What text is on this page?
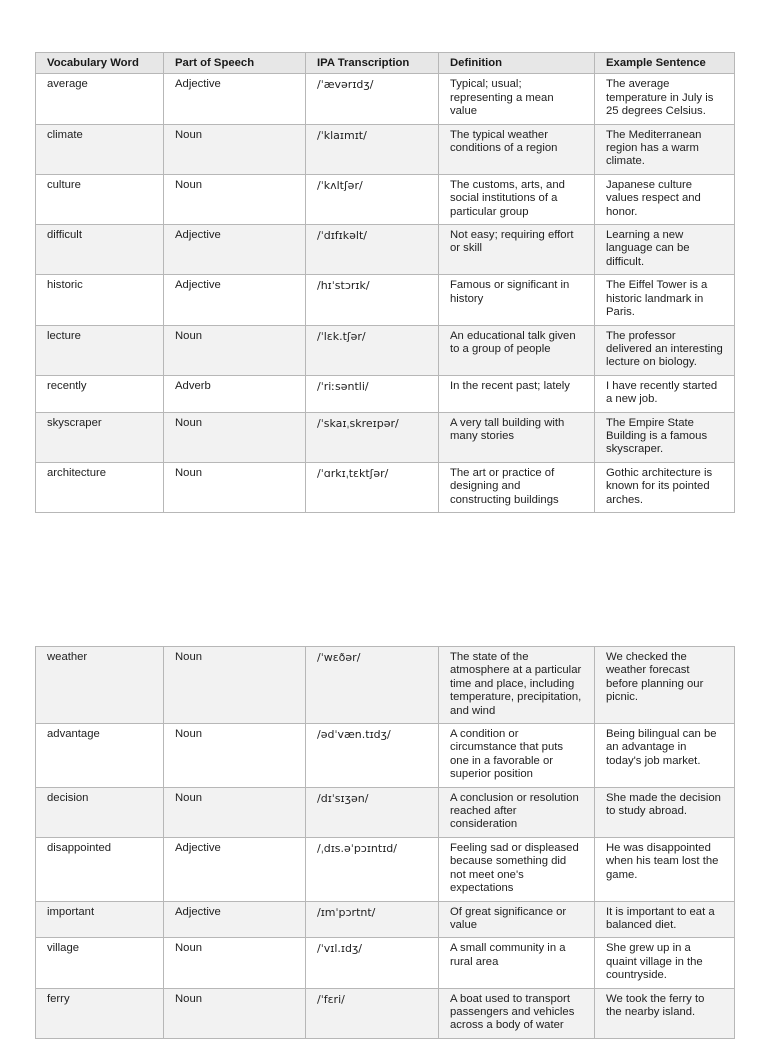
Vocabulary Word	Part of Speech	IPA Transcription	Definition	Example Sentence
average	Adjective	/ˈævərɪdʒ/	Typical; usual; representing a mean value	The average temperature in July is 25 degrees Celsius.
climate	Noun	/ˈklaɪmɪt/	The typical weather conditions of a region	The Mediterranean region has a warm climate.
culture	Noun	/ˈkʌltʃər/	The customs, arts, and social institutions of a particular group	Japanese culture values respect and honor.
difficult	Adjective	/ˈdɪfɪkəlt/	Not easy; requiring effort or skill	Learning a new language can be difficult.
historic	Adjective	/hɪˈstɔrɪk/	Famous or significant in history	The Eiffel Tower is a historic landmark in Paris.
lecture	Noun	/ˈlɛk.tʃər/	An educational talk given to a group of people	The professor delivered an interesting lecture on biology.
recently	Adverb	/ˈriːsəntli/	In the recent past; lately	I have recently started a new job.
skyscraper	Noun	/ˈskaɪˌskreɪpər/	A very tall building with many stories	The Empire State Building is a famous skyscraper.
architecture	Noun	/ˈɑrkɪˌtɛktʃər/	The art or practice of designing and constructing buildings	Gothic architecture is known for its pointed arches.
weather	Noun	/ˈwɛðər/	The state of the atmosphere at a particular time and place, including temperature, precipitation, and wind	We checked the weather forecast before planning our picnic.
advantage	Noun	/ədˈvæn.tɪdʒ/	A condition or circumstance that puts one in a favorable or superior position	Being bilingual can be an advantage in today's job market.
decision	Noun	/dɪˈsɪʒən/	A conclusion or resolution reached after consideration	She made the decision to study abroad.
disappointed	Adjective	/ˌdɪs.əˈpɔɪntɪd/	Feeling sad or displeased because something did not meet one's expectations	He was disappointed when his team lost the game.
important	Adjective	/ɪmˈpɔrtnt/	Of great significance or value	It is important to eat a balanced diet.
village	Noun	/ˈvɪl.ɪdʒ/	A small community in a rural area	She grew up in a quaint village in the countryside.
ferry	Noun	/ˈfɛri/	A boat used to transport passengers and vehicles across a body of water	We took the ferry to the nearby island.
